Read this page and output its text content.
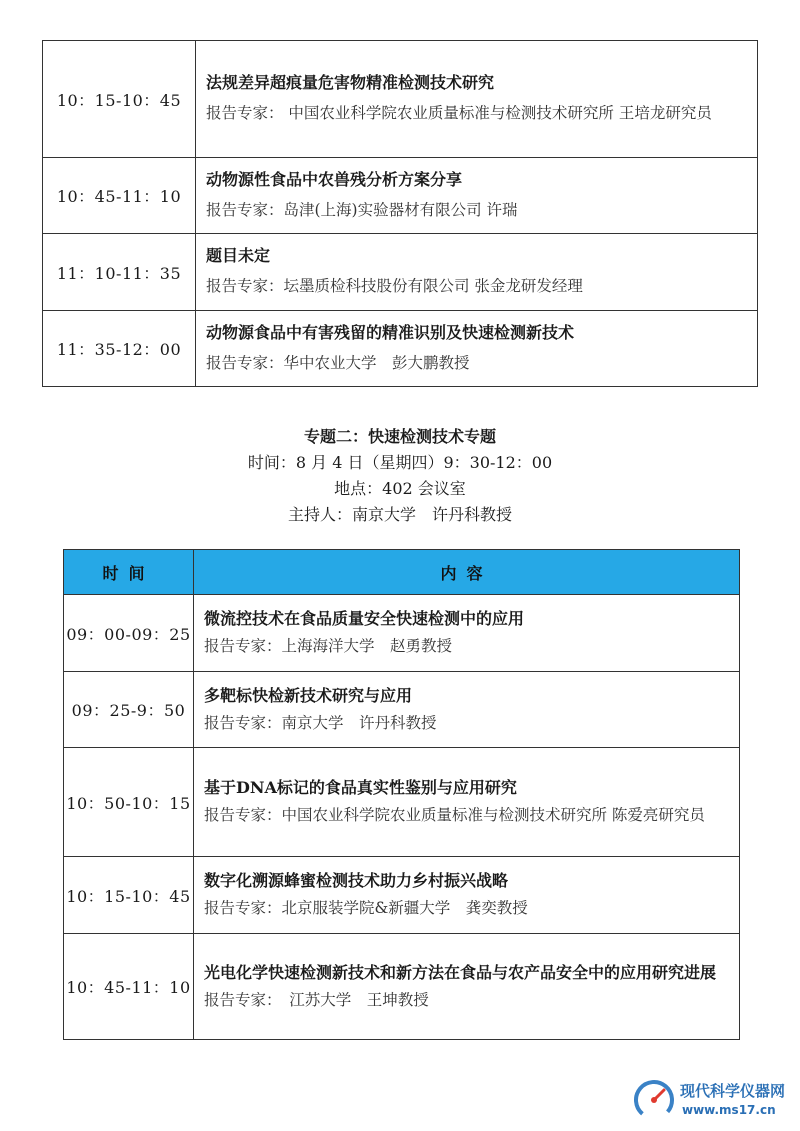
10：15-10：45	法规差异超痕量危害物精准检测技术研究
报告专家： 中国农业科学院农业质量标准与检测技术研究所 王培龙研究员

10：45-11：10	动物源性食品中农兽残分析方案分享
报告专家：岛津(上海)实验器材有限公司 许瑞

11：10-11：35	题目未定
报告专家：坛墨质检科技股份有限公司 张金龙研发经理

11：35-12：00	动物源食品中有害残留的精准识别及快速检测新技术
报告专家：华中农业大学　彭大鹏教授
专题二：快速检测技术专题
时间：8 月 4 日（星期四）9：30-12：00
地点：402 会议室
主持人：南京大学　许丹科教授
时间	内容
09：00-09：25	微流控技术在食品质量安全快速检测中的应用
报告专家：上海海洋大学　赵勇教授

09：25-9：50	多靶标快检新技术研究与应用
报告专家：南京大学　许丹科教授

10：50-10：15	基于DNA标记的食品真实性鉴别与应用研究
报告专家：中国农业科学院农业质量标准与检测技术研究所 陈爱亮研究员

10：15-10：45	数字化溯源蜂蜜检测技术助力乡村振兴战略
报告专家：北京服装学院&新疆大学　龚奕教授

10：45-11：10	光电化学快速检测新技术和新方法在食品与农产品安全中的应用研究进展
报告专家：　江苏大学　王坤教授
现代科学仪器网
www.ms17.cn
